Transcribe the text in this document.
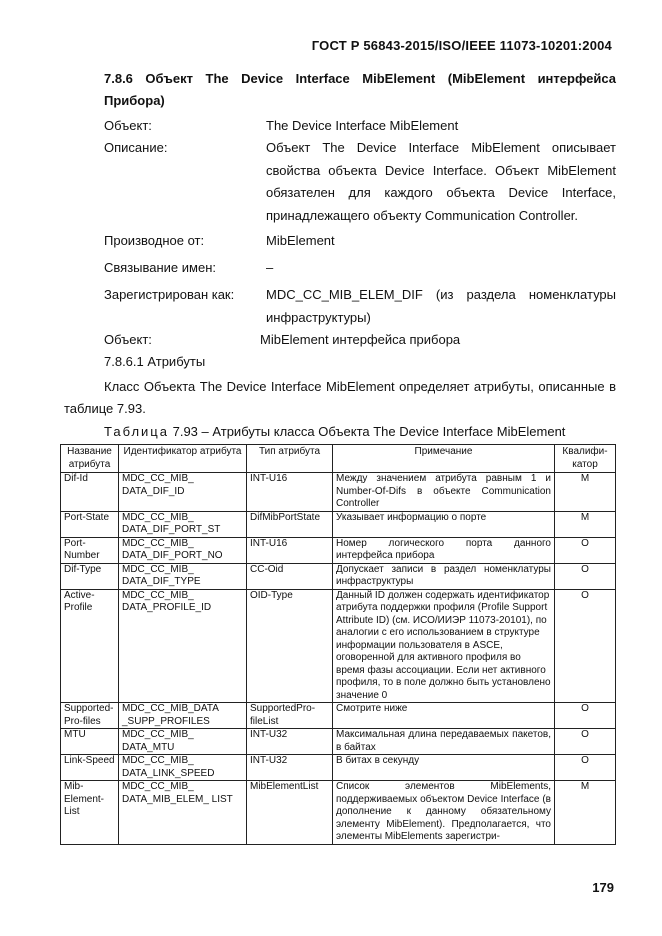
ГОСТ Р 56843-2015/ISO/IEEE 11073-10201:2004
7.8.6 Объект The Device Interface MibElement (MibElement интерфейса Прибора)
Объект:	The Device Interface MibElement
Описание:	Объект The Device Interface MibElement описывает свойства объекта Device Interface. Объект MibElement обязателен для каждого объекта Device Interface, принадлежащего объекту Communication Controller.
Производное от:	MibElement
Связывание имен:	–
Зарегистрирован как: MDC_CC_MIB_ELEM_DIF (из раздела номенклатуры инфраструктуры)
Объект:	MibElement интерфейса прибора
7.8.6.1 Атрибуты
Класс Объекта The Device Interface MibElement определяет атрибуты, описанные в таблице 7.93.
Таблица 7.93 – Атрибуты класса Объекта The Device Interface MibElement
Название атрибута	Идентификатор атрибута	Тип атрибута	Примечание	Квалифи-катор
Dif-Id	MDC_CC_MIB_ DATA_DIF_ID	INT-U16	Между значением атрибута равным 1 и Number-Of-Difs в объекте Communication Controller	M
Port-State	MDC_CC_MIB_ DATA_DIF_PORT_ST	DifMibPortState	Указывает информацию о порте	M
Port-Number	MDC_CC_MIB_ DATA_DIF_PORT_NO	INT-U16	Номер логического порта данного интерфейса прибора	O
Dif-Type	MDC_CC_MIB_ DATA_DIF_TYPE	CC-Oid	Допускает записи в раздел номенклатуры инфраструктуры	O
Active-Profile	MDC_CC_MIB_ DATA_PROFILE_ID	OID-Type	Данный ID должен содержать идентификатор атрибута поддержки профиля (Profile Support Attribute ID) (см. ИСО/ИИЭР 11073-20101), по аналогии с его использованием в структуре информации пользователя в ASCE, оговоренной для активного профиля во время фазы ассоциации. Если нет активного профиля, то в поле должно быть установлено значение 0	O
Supported-Pro-files	MDC_CC_MIB_DATA _SUPP_PROFILES	SupportedPro-fileList	Смотрите ниже	O
MTU	MDC_CC_MIB_ DATA_MTU	INT-U32	Максимальная длина передаваемых пакетов, в байтах	O
Link-Speed	MDC_CC_MIB_ DATA_LINK_SPEED	INT-U32	В битах в секунду	O
Mib-Element-List	MDC_CC_MIB_ DATA_MIB_ELEM_ LIST	MibElementList	Список элементов MibElements, поддерживаемых объектом Device Interface (в дополнение к данному обязательному элементу MibElement). Предполагается, что элементы MibElements зарегистри-	M
179
